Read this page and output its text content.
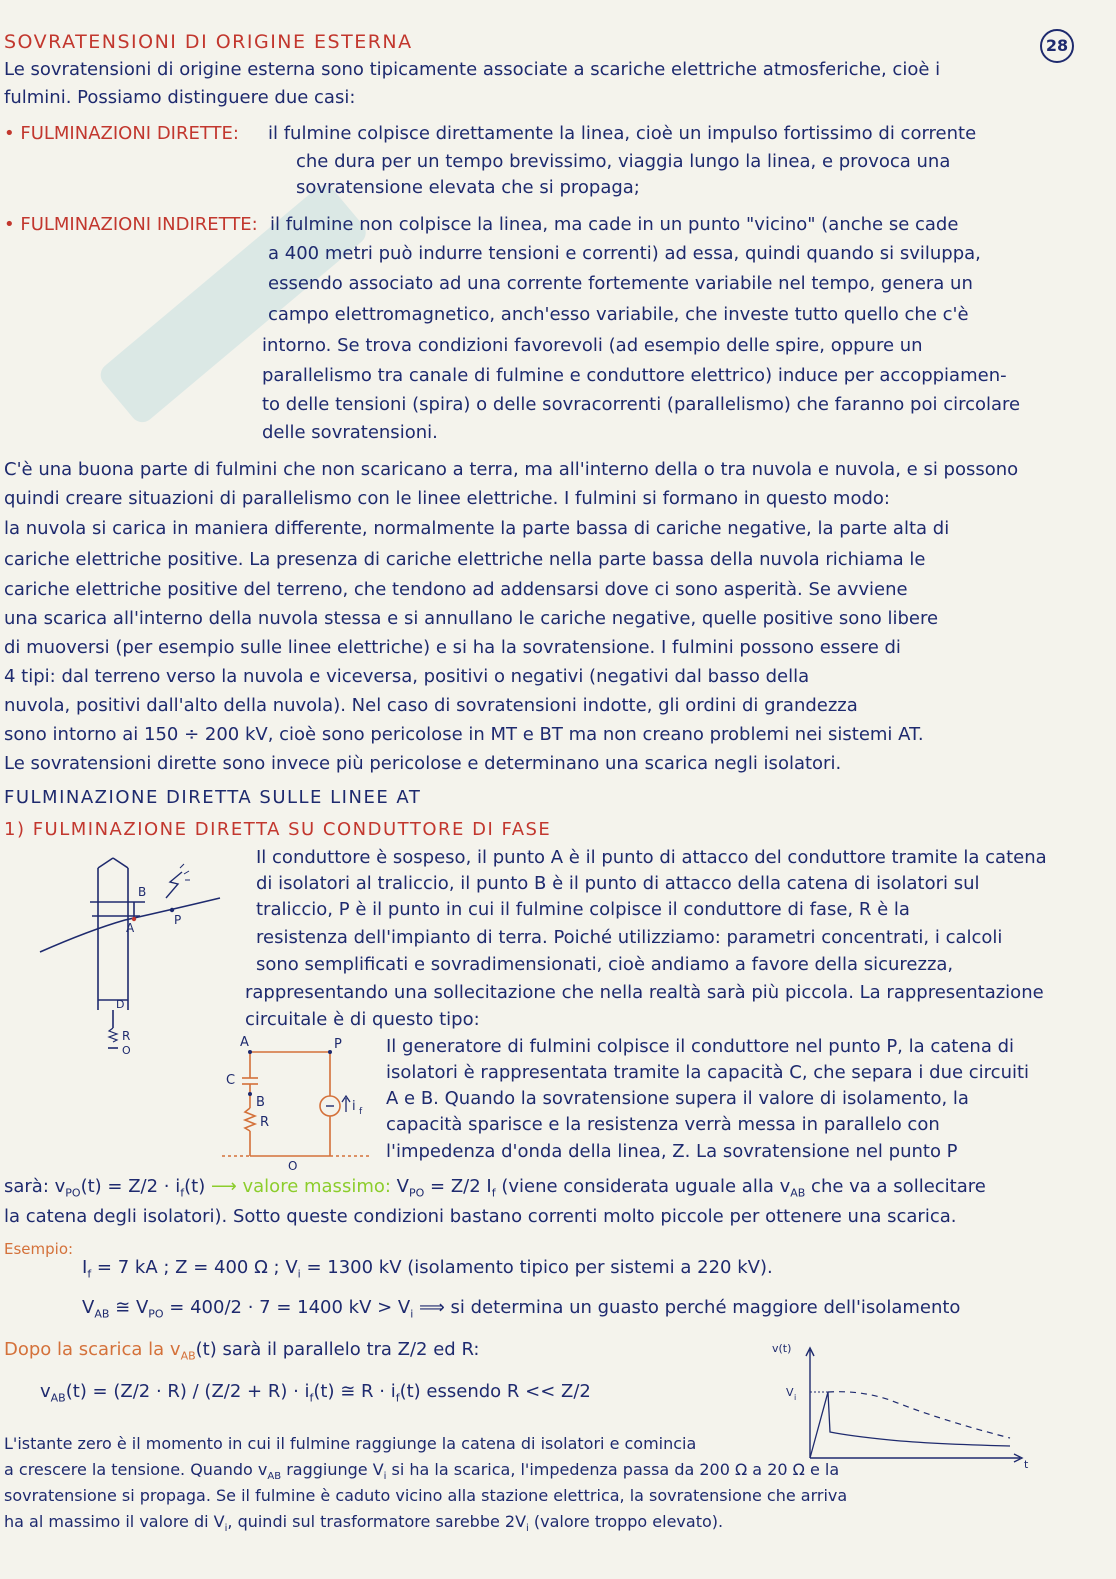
SOVRATENSIONI DI ORIGINE ESTERNA	28
Le sovratensioni di origine esterna sono tipicamente associate a scariche elettriche atmosferiche, cioè i
fulmini. Possiamo distinguere due casi:
• FULMINAZIONI DIRETTE: il fulmine colpisce direttamente la linea, cioè un impulso fortissimo di corrente
che dura per un tempo brevissimo, viaggia lungo la linea, e provoca una
sovratensione elevata che si propaga;
• FULMINAZIONI INDIRETTE: il fulmine non colpisce la linea, ma cade in un punto "vicino" (anche se cade
a 400 metri può indurre tensioni e correnti) ad essa, quindi quando si sviluppa,
essendo associato ad una corrente fortemente variabile nel tempo, genera un
campo elettromagnetico, anch'esso variabile, che investe tutto quello che c'è
intorno. Se trova condizioni favorevoli (ad esempio delle spire, oppure un
parallelismo tra canale di fulmine e conduttore elettrico) induce per accoppiamen-
to delle tensioni (spira) o delle sovracorrenti (parallelismo) che faranno poi circolare
delle sovratensioni.
C'è una buona parte di fulmini che non scaricano a terra, ma all'interno della o tra nuvola e nuvola, e si possono
quindi creare situazioni di parallelismo con le linee elettriche. I fulmini si formano in questo modo:
la nuvola si carica in maniera differente, normalmente la parte bassa di cariche negative, la parte alta di
cariche elettriche positive. La presenza di cariche elettriche nella parte bassa della nuvola richiama le
cariche elettriche positive del terreno, che tendono ad addensarsi dove ci sono asperità. Se avviene
una scarica all'interno della nuvola stessa e si annullano le cariche negative, quelle positive sono libere
di muoversi (per esempio sulle linee elettriche) e si ha la sovratensione. I fulmini possono essere di
4 tipi: dal terreno verso la nuvola e viceversa, positivi o negativi (negativi dal basso della
nuvola, positivi dall'alto della nuvola). Nel caso di sovratensioni indotte, gli ordini di grandezza
sono intorno ai 150 ÷ 200 kV, cioè sono pericolose in MT e BT ma non creano problemi nei sistemi AT.
Le sovratensioni dirette sono invece più pericolose e determinano una scarica negli isolatori.
FULMINAZIONE DIRETTA SULLE LINEE AT
1) FULMINAZIONE DIRETTA SU CONDUTTORE DI FASE
B
A
P
D
R
O
Il conduttore è sospeso, il punto A è il punto di attacco del conduttore tramite la catena
di isolatori al traliccio, il punto B è il punto di attacco della catena di isolatori sul
traliccio, P è il punto in cui il fulmine colpisce il conduttore di fase, R è la
resistenza dell'impianto di terra. Poiché utilizziamo: parametri concentrati, i calcoli
sono semplificati e sovradimensionati, cioè andiamo a favore della sicurezza,
rappresentando una sollecitazione che nella realtà sarà più piccola. La rappresentazione
circuitale è di questo tipo:
A	P
C
B
R
O
i f
Il generatore di fulmini colpisce il conduttore nel punto P, la catena di
isolatori è rappresentata tramite la capacità C, che separa i due circuiti
A e B. Quando la sovratensione supera il valore di isolamento, la
capacità sparisce e la resistenza verrà messa in parallelo con
l'impedenza d'onda della linea, Z. La sovratensione nel punto P
sarà: $v_{PO}(t) = Z/2 \cdot i_f(t)$ ⟶ valore massimo: $V_{PO} = Z/2$ $I_f$ (viene considerata uguale alla $v_{AB}$ che va a sollecitare
la catena degli isolatori). Sotto queste condizioni bastano correnti molto piccole per ottenere una scarica.
Esempio:
$I_f = 7$ kA ; Z = 400 Ω ; $V_i = 1300$ kV (isolamento tipico per sistemi a 220 kV).
$V_{AB}$ ≅ $V_{PO} = 400/2 \cdot 7 = 1400$ kV > $V_i$ ⟹ si determina un guasto perché maggiore dell'isolamento
Dopo la scarica la $v_{AB}(t)$ sarà il parallelo tra Z/2 ed R:
$v_{AB}(t) = (Z/2 \cdot R) / (Z/2 + R) \cdot i_f(t)$ ≅ $R \cdot i_f(t)$ essendo R << Z/2
v(t)
V i
t
L'istante zero è il momento in cui il fulmine raggiunge la catena di isolatori e comincia
a crescere la tensione. Quando $v_{AB}$ raggiunge $V_i$ si ha la scarica, l'impedenza passa da 200 Ω a 20 Ω e la
sovratensione si propaga. Se il fulmine è caduto vicino alla stazione elettrica, la sovratensione che arriva
ha al massimo il valore di $V_i$, quindi sul trasformatore sarebbe $2V_i$ (valore troppo elevato).
